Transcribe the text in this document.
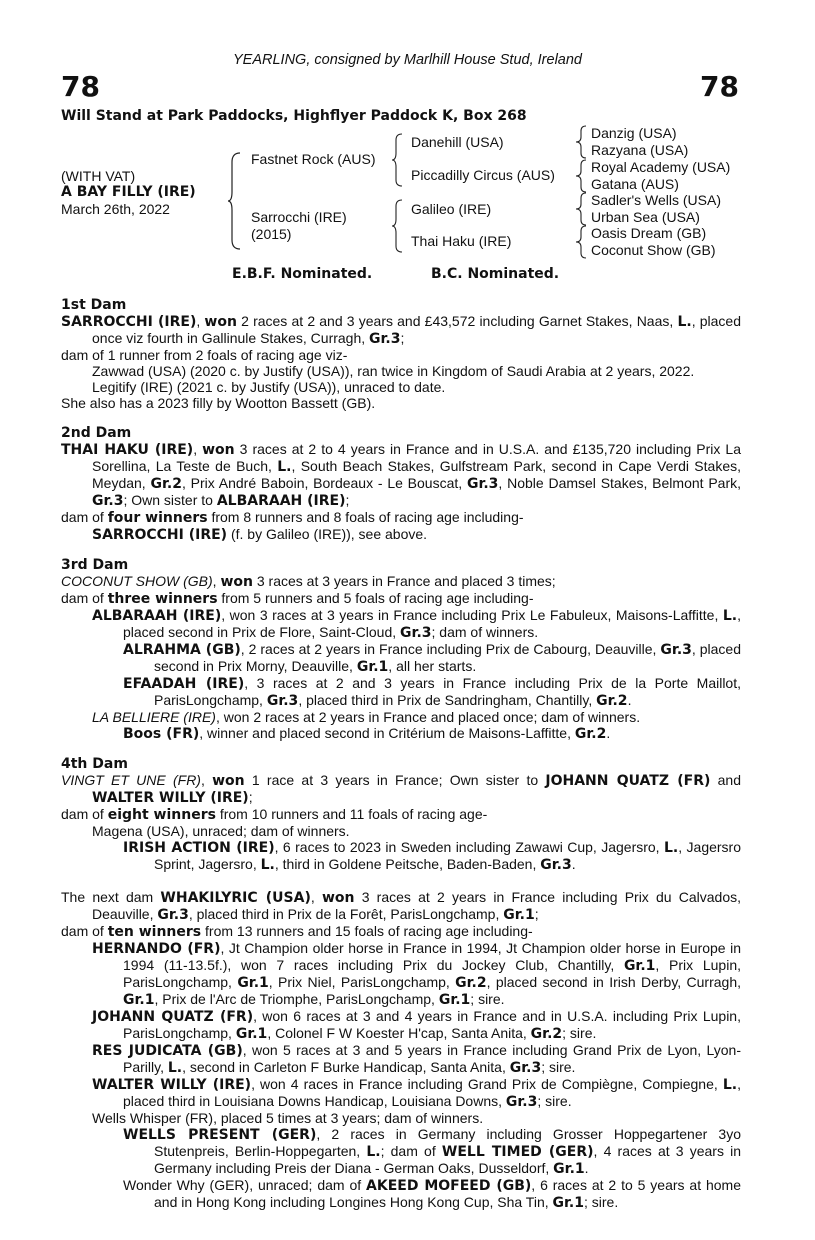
YEARLING, consigned by Marlhill House Stud, Ireland
78	78
Will Stand at Park Paddocks, Highflyer Paddock K, Box 268
(WITH VAT)
A BAY FILLY (IRE)
March 26th, 2022
Fastnet Rock (AUS)
Sarrocchi (IRE)
(2015)
Danehill (USA)
Piccadilly Circus (AUS)
Galileo (IRE)
Thai Haku (IRE)
Danzig (USA)
Razyana (USA)
Royal Academy (USA)
Gatana (AUS)
Sadler's Wells (USA)
Urban Sea (USA)
Oasis Dream (GB)
Coconut Show (GB)
E.B.F. Nominated.	B.C. Nominated.

1st Dam

SARROCCHI (IRE), won 2 races at 2 and 3 years and £43,572 including Garnet Stakes, Naas, L., placed once viz fourth in Gallinule Stakes, Curragh, Gr.3;

dam of 1 runner from 2 foals of racing age viz-

Zawwad (USA) (2020 c. by Justify (USA)), ran twice in Kingdom of Saudi Arabia at 2 years, 2022.

Legitify (IRE) (2021 c. by Justify (USA)), unraced to date.

She also has a 2023 filly by Wootton Bassett (GB).

2nd Dam

THAI HAKU (IRE), won 3 races at 2 to 4 years in France and in U.S.A. and £135,720 including Prix La Sorellina, La Teste de Buch, L., South Beach Stakes, Gulfstream Park, second in Cape Verdi Stakes, Meydan, Gr.2, Prix André Baboin, Bordeaux - Le Bouscat, Gr.3, Noble Damsel Stakes, Belmont Park, Gr.3; Own sister to ALBARAAH (IRE);

dam of four winners from 8 runners and 8 foals of racing age including-

SARROCCHI (IRE) (f. by Galileo (IRE)), see above.

3rd Dam

COCONUT SHOW (GB), won 3 races at 3 years in France and placed 3 times;

dam of three winners from 5 runners and 5 foals of racing age including-

ALBARAAH (IRE), won 3 races at 3 years in France including Prix Le Fabuleux, Maisons-Laffitte, L., placed second in Prix de Flore, Saint-Cloud, Gr.3; dam of winners.

ALRAHMA (GB), 2 races at 2 years in France including Prix de Cabourg, Deauville, Gr.3, placed second in Prix Morny, Deauville, Gr.1, all her starts.

EFAADAH (IRE), 3 races at 2 and 3 years in France including Prix de la Porte Maillot, ParisLongchamp, Gr.3, placed third in Prix de Sandringham, Chantilly, Gr.2.

LA BELLIERE (IRE), won 2 races at 2 years in France and placed once; dam of winners.

Boos (FR), winner and placed second in Critérium de Maisons-Laffitte, Gr.2.

4th Dam

VINGT ET UNE (FR), won 1 race at 3 years in France; Own sister to JOHANN QUATZ (FR) and WALTER WILLY (IRE);

dam of eight winners from 10 runners and 11 foals of racing age-

Magena (USA), unraced; dam of winners.

IRISH ACTION (IRE), 6 races to 2023 in Sweden including Zawawi Cup, Jagersro, L., Jagersro Sprint, Jagersro, L., third in Goldene Peitsche, Baden-Baden, Gr.3.

The next dam WHAKILYRIC (USA), won 3 races at 2 years in France including Prix du Calvados, Deauville, Gr.3, placed third in Prix de la Forêt, ParisLongchamp, Gr.1;

dam of ten winners from 13 runners and 15 foals of racing age including-

HERNANDO (FR), Jt Champion older horse in France in 1994, Jt Champion older horse in Europe in 1994 (11-13.5f.), won 7 races including Prix du Jockey Club, Chantilly, Gr.1, Prix Lupin, ParisLongchamp, Gr.1, Prix Niel, ParisLongchamp, Gr.2, placed second in Irish Derby, Curragh, Gr.1, Prix de l'Arc de Triomphe, ParisLongchamp, Gr.1; sire.

JOHANN QUATZ (FR), won 6 races at 3 and 4 years in France and in U.S.A. including Prix Lupin, ParisLongchamp, Gr.1, Colonel F W Koester H'cap, Santa Anita, Gr.2; sire.

RES JUDICATA (GB), won 5 races at 3 and 5 years in France including Grand Prix de Lyon, Lyon-Parilly, L., second in Carleton F Burke Handicap, Santa Anita, Gr.3; sire.

WALTER WILLY (IRE), won 4 races in France including Grand Prix de Compiègne, Compiegne, L., placed third in Louisiana Downs Handicap, Louisiana Downs, Gr.3; sire.

Wells Whisper (FR), placed 5 times at 3 years; dam of winners.

WELLS PRESENT (GER), 2 races in Germany including Grosser Hoppegartener 3yo Stutenpreis, Berlin-Hoppegarten, L.; dam of WELL TIMED (GER), 4 races at 3 years in Germany including Preis der Diana - German Oaks, Dusseldorf, Gr.1.

Wonder Why (GER), unraced; dam of AKEED MOFEED (GB), 6 races at 2 to 5 years at home and in Hong Kong including Longines Hong Kong Cup, Sha Tin, Gr.1; sire.
